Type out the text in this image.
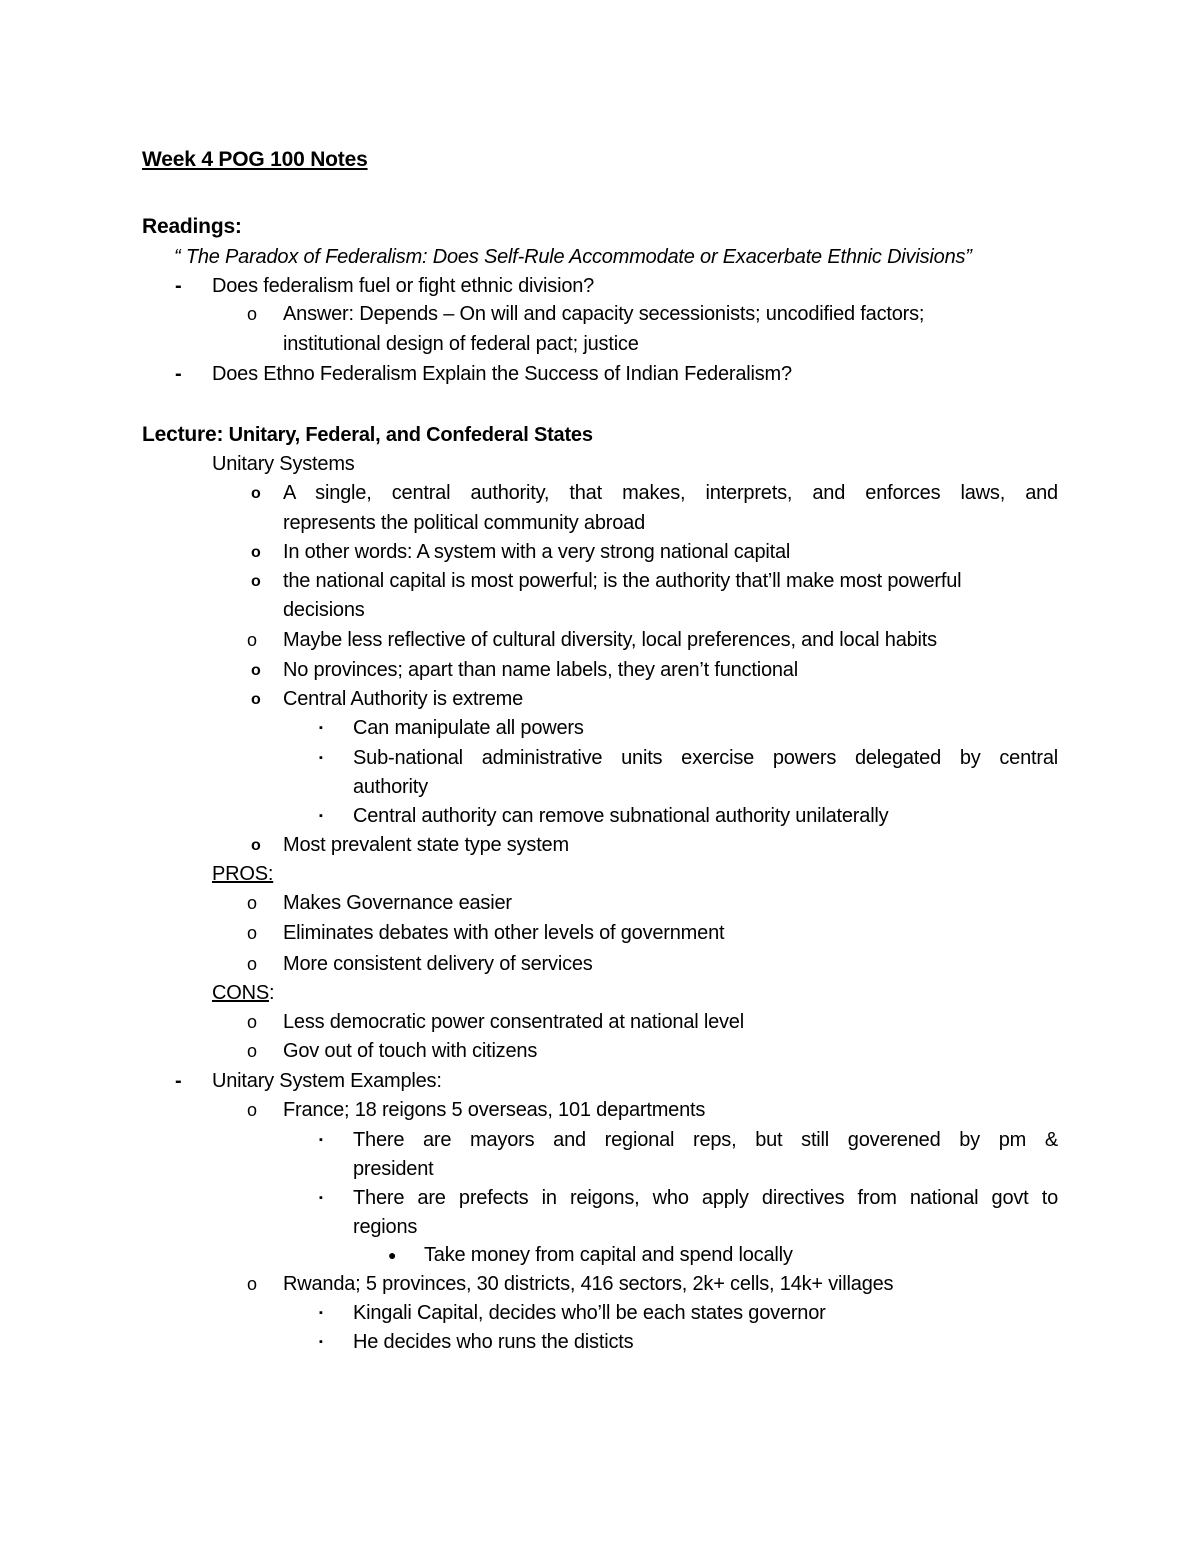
Week 4 POG 100 Notes
Readings:
“ The Paradox of Federalism: Does Self-Rule Accommodate or Exacerbate Ethnic Divisions”
- Does federalism fuel or fight ethnic division?
o Answer: Depends – On will and capacity secessionists; uncodified factors;
institutional design of federal pact; justice
- Does Ethno Federalism Explain the Success of Indian Federalism?
Lecture: Unitary, Federal, and Confederal States
Unitary Systems
o A single, central authority, that makes, interprets, and enforces laws, and
represents the political community abroad
o In other words: A system with a very strong national capital
o the national capital is most powerful; is the authority that’ll make most powerful
decisions
o Maybe less reflective of cultural diversity, local preferences, and local habits
o No provinces; apart than name labels, they aren’t functional
o Central Authority is extreme
▪ Can manipulate all powers
▪ Sub-national administrative units exercise powers delegated by central
authority
▪ Central authority can remove subnational authority unilaterally
o Most prevalent state type system
PROS:
o Makes Governance easier
o Eliminates debates with other levels of government
o More consistent delivery of services
CONS:
o Less democratic power consentrated at national level
o Gov out of touch with citizens
- Unitary System Examples:
o France; 18 reigons 5 overseas, 101 departments
▪ There are mayors and regional reps, but still goverened by pm &
president
▪ There are prefects in reigons, who apply directives from national govt to
regions
● Take money from capital and spend locally
o Rwanda; 5 provinces, 30 districts, 416 sectors, 2k+ cells, 14k+ villages
▪ Kingali Capital, decides who’ll be each states governor
▪ He decides who runs the disticts
